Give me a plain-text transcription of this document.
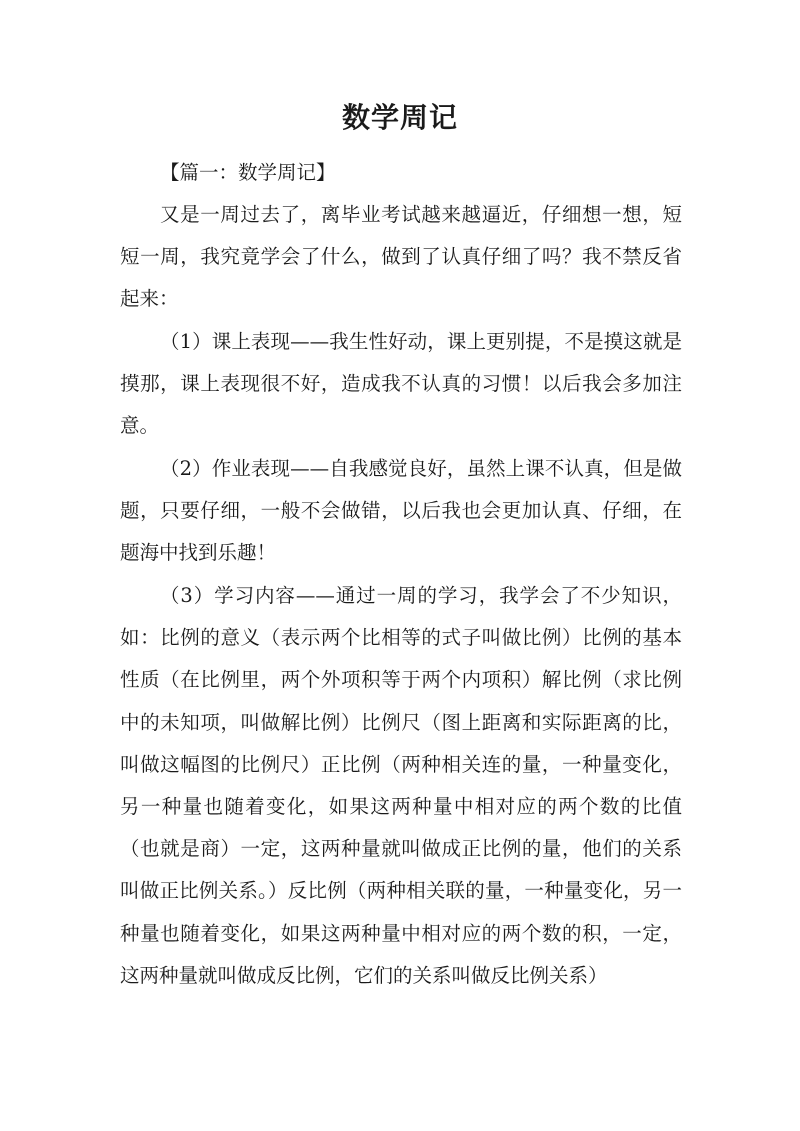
数学周记

【篇一：数学周记】

又是一周过去了，离毕业考试越来越逼近，仔细想一想，短短一周，我究竟学会了什么，做到了认真仔细了吗？我不禁反省起来：

（1）课上表现——我生性好动，课上更别提，不是摸这就是摸那，课上表现很不好，造成我不认真的习惯！以后我会多加注意。

（2）作业表现——自我感觉良好，虽然上课不认真，但是做题，只要仔细，一般不会做错，以后我也会更加认真、仔细，在题海中找到乐趣！

（3）学习内容——通过一周的学习，我学会了不少知识，如：比例的意义（表示两个比相等的式子叫做比例）比例的基本性质（在比例里，两个外项积等于两个内项积）解比例（求比例中的未知项，叫做解比例）比例尺（图上距离和实际距离的比，叫做这幅图的比例尺）正比例（两种相关连的量，一种量变化，另一种量也随着变化，如果这两种量中相对应的两个数的比值（也就是商）一定，这两种量就叫做成正比例的量，他们的关系叫做正比例关系。）反比例（两种相关联的量，一种量变化，另一种量也随着变化，如果这两种量中相对应的两个数的积，一定，这两种量就叫做成反比例，它们的关系叫做反比例关系）
